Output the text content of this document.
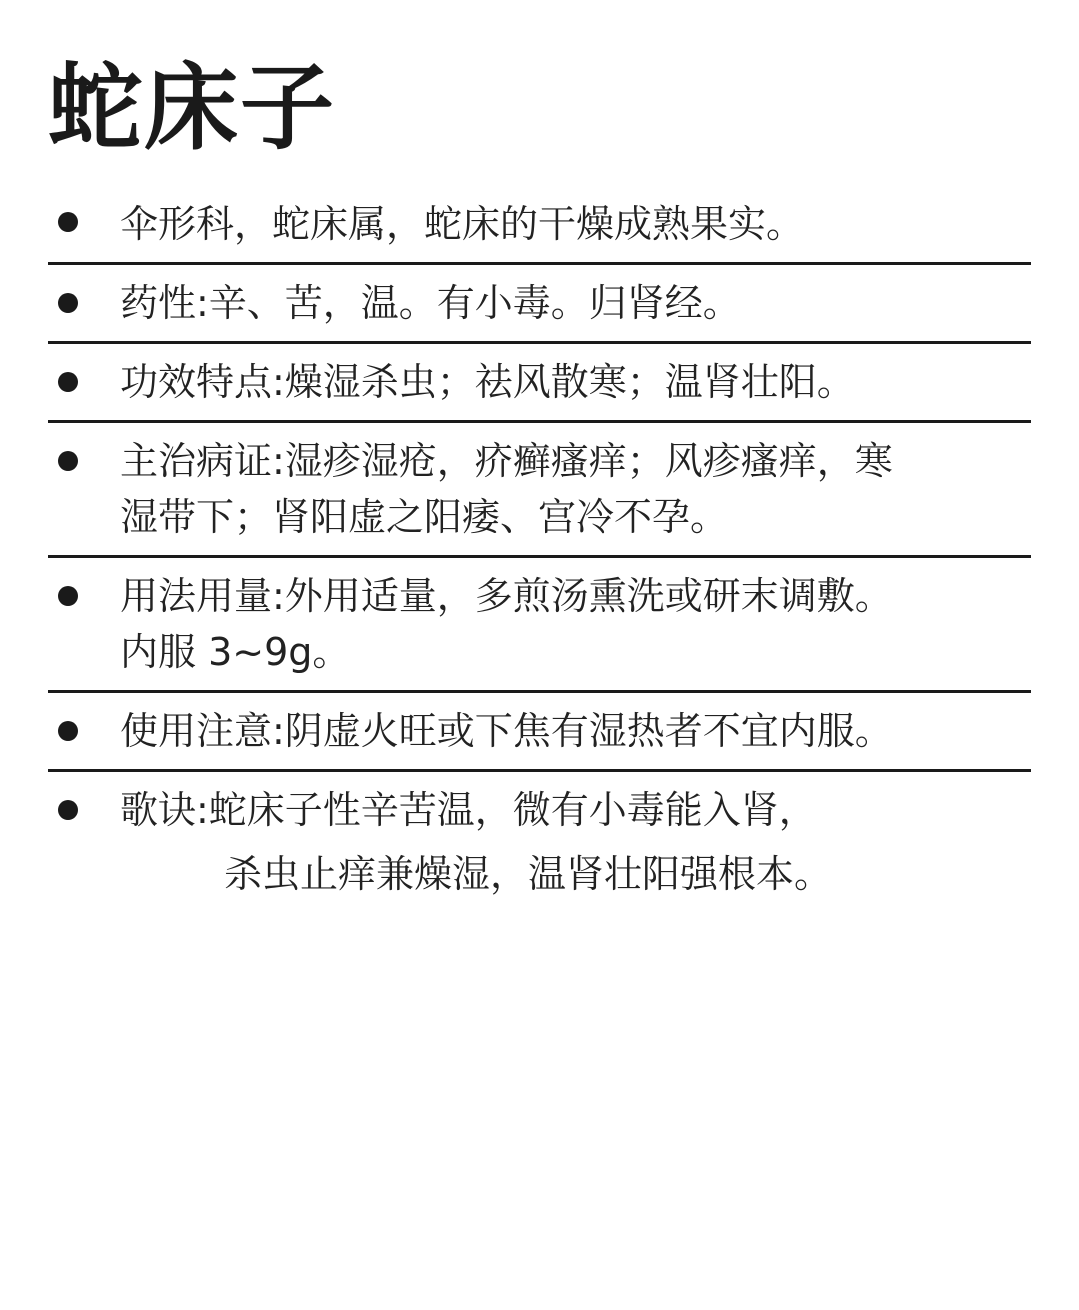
蛇床子
伞形科，蛇床属，蛇床的干燥成熟果实。
药性:辛、苦，温。有小毒。归肾经。
功效特点:燥湿杀虫；祛风散寒；温肾壮阳。
主治病证:湿疹湿疮，疥癣瘙痒；风疹瘙痒，寒
湿带下；肾阳虚之阳痿、宫冷不孕。
用法用量:外用适量，多煎汤熏洗或研末调敷。
内服 3~9g。
使用注意:阴虚火旺或下焦有湿热者不宜内服。
歌诀:蛇床子性辛苦温，微有小毒能入肾，
杀虫止痒兼燥湿，温肾壮阳强根本。
